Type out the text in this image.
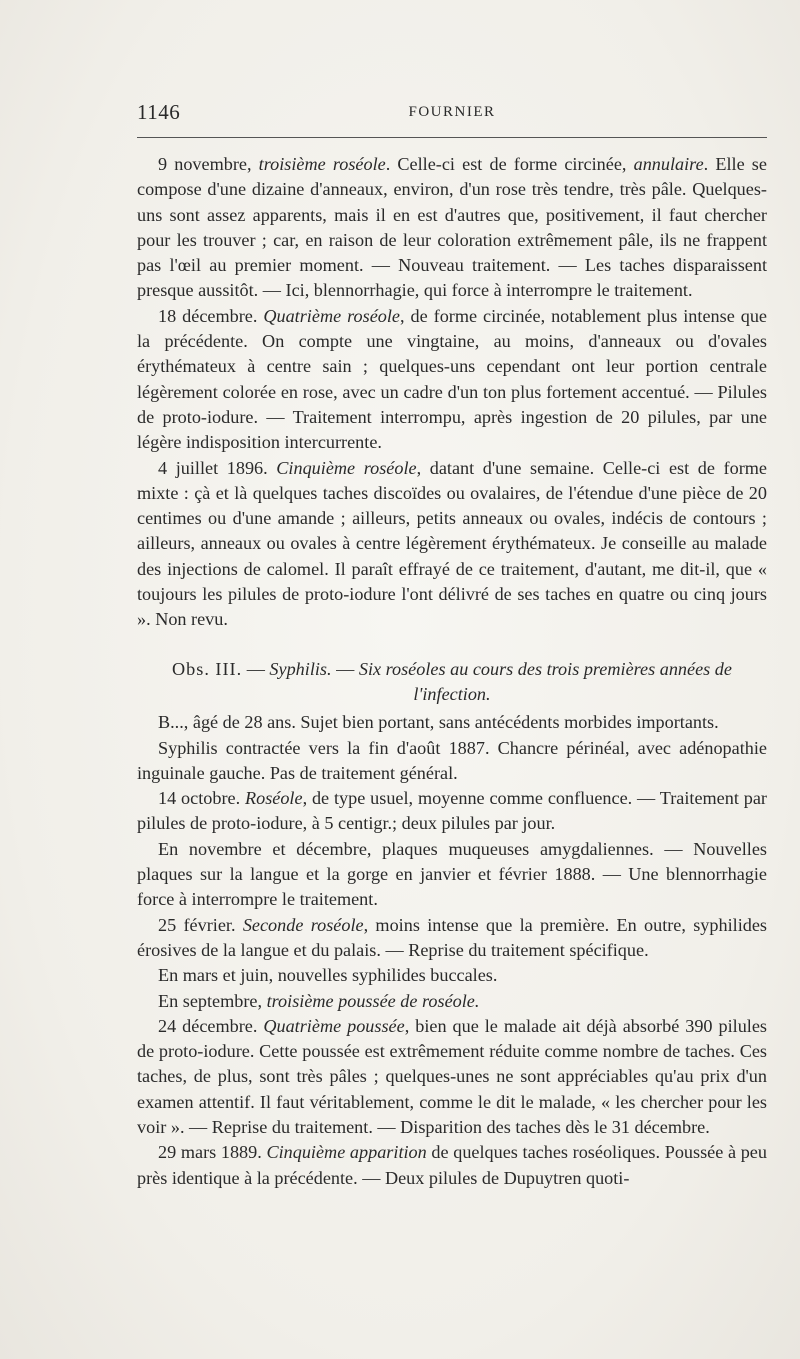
1146	FOURNIER

9 novembre, troisième roséole. Celle-ci est de forme circinée, annulaire. Elle se compose d'une dizaine d'anneaux, environ, d'un rose très tendre, très pâle. Quelques-uns sont assez apparents, mais il en est d'autres que, positivement, il faut chercher pour les trouver ; car, en raison de leur coloration extrêmement pâle, ils ne frappent pas l'œil au premier moment. — Nouveau traitement. — Les taches disparaissent presque aussitôt. — Ici, blennorrhagie, qui force à interrompre le traitement.

18 décembre. Quatrième roséole, de forme circinée, notablement plus intense que la précédente. On compte une vingtaine, au moins, d'anneaux ou d'ovales érythémateux à centre sain ; quelques-uns cependant ont leur portion centrale légèrement colorée en rose, avec un cadre d'un ton plus fortement accentué. — Pilules de proto-iodure. — Traitement interrompu, après ingestion de 20 pilules, par une légère indisposition intercurrente.

4 juillet 1896. Cinquième roséole, datant d'une semaine. Celle-ci est de forme mixte : çà et là quelques taches discoïdes ou ovalaires, de l'étendue d'une pièce de 20 centimes ou d'une amande ; ailleurs, petits anneaux ou ovales, indécis de contours ; ailleurs, anneaux ou ovales à centre légèrement érythémateux. Je conseille au malade des injections de calomel. Il paraît effrayé de ce traitement, d'autant, me dit-il, que « toujours les pilules de proto-iodure l'ont délivré de ses taches en quatre ou cinq jours ». Non revu.

Obs. III. — Syphilis. — Six roséoles au cours des trois premières années de l'infection.

B..., âgé de 28 ans. Sujet bien portant, sans antécédents morbides importants.

Syphilis contractée vers la fin d'août 1887. Chancre périnéal, avec adénopathie inguinale gauche. Pas de traitement général.

14 octobre. Roséole, de type usuel, moyenne comme confluence. — Traitement par pilules de proto-iodure, à 5 centigr.; deux pilules par jour.

En novembre et décembre, plaques muqueuses amygdaliennes. — Nouvelles plaques sur la langue et la gorge en janvier et février 1888. — Une blennorrhagie force à interrompre le traitement.

25 février. Seconde roséole, moins intense que la première. En outre, syphilides érosives de la langue et du palais. — Reprise du traitement spécifique.

En mars et juin, nouvelles syphilides buccales.

En septembre, troisième poussée de roséole.

24 décembre. Quatrième poussée, bien que le malade ait déjà absorbé 390 pilules de proto-iodure. Cette poussée est extrêmement réduite comme nombre de taches. Ces taches, de plus, sont très pâles ; quelques-unes ne sont appréciables qu'au prix d'un examen attentif. Il faut véritablement, comme le dit le malade, « les chercher pour les voir ». — Reprise du traitement. — Disparition des taches dès le 31 décembre.

29 mars 1889. Cinquième apparition de quelques taches roséoliques. Poussée à peu près identique à la précédente. — Deux pilules de Dupuytren quoti-
